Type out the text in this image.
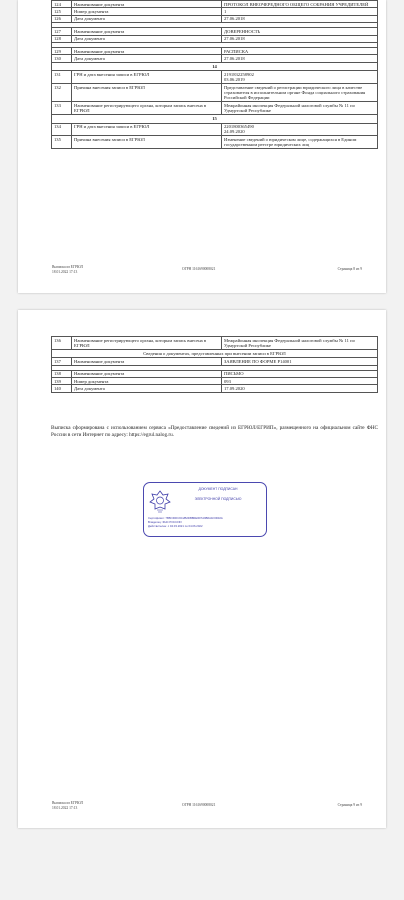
124	Наименование документа	ПРОТОКОЛ ВНЕОЧЕРЕДНОГО ОБЩЕГО СОБРАНИЯ УЧРЕДИТЕЛЕЙ
125	Номер документа	1
126	Дата документа	27.06.2018

127	Наименование документа	ДОВЕРЕННОСТЬ
128	Дата документа	27.06.2018

129	Наименование документа	РАСПИСКА
130	Дата документа	27.06.2018
14		
131	ГРН и дата внесения записи в ЕГРЮЛ	2191832258902
03.06.2019
132	Причина внесения записи в ЕГРЮЛ	Представление сведений о регистрации юридического лица в качестве страхователя в исполнительном органе Фонда социального страхования Российской Федерации
133	Наименование регистрирующего органа, которым запись внесена в ЕГРЮЛ	Межрайонная инспекция Федеральной налоговой службы № 11 по Удмуртской Республике
15		
134	ГРН и дата внесения записи в ЕГРЮЛ	2201800365490
24.09.2020
135	Причина внесения записи в ЕГРЮЛ	Изменение сведений о юридическом лице, содержащихся в Едином государственном реестре юридических лиц
Выписка из ЕГРЮЛ
18.01.2022 17:13
ОГРН 1161690008021	Страница 8 из 9
136	Наименование регистрирующего органа, которым запись внесена в ЕГРЮЛ	Межрайонная инспекция Федеральной налоговой службы № 11 по Удмуртской Республике
Сведения о документах, представленных при внесении записи в ЕГРЮЛ		
137	Наименование документа	ЗАЯВЛЕНИЕ ПО ФОРМЕ Р14001

138	Наименование документа	ПИСЬМО
139	Номер документа	093
140	Дата документа	17.09.2020

Выписка сформирована с использованием сервиса «Предоставление сведений из ЕГРЮЛ/ЕГРИП», размещенного на официальном сайте ФНС России в сети Интернет по адресу: https://egrul.nalog.ru.

ДОКУМЕНТ ПОДПИСАН
ЭЛЕКТРОННОЙ ПОДПИСЬЮ
Сертификат: 7B5F3DFC6C2B2DBB0E0D7A9B6A1F0D02A
Владелец: ФНС РОССИИ
Действителен: с 04.03.2021 по 04.06.2022
Выписка из ЕГРЮЛ
18.01.2022 17:13
ОГРН 1161690008021	Страница 9 из 9
